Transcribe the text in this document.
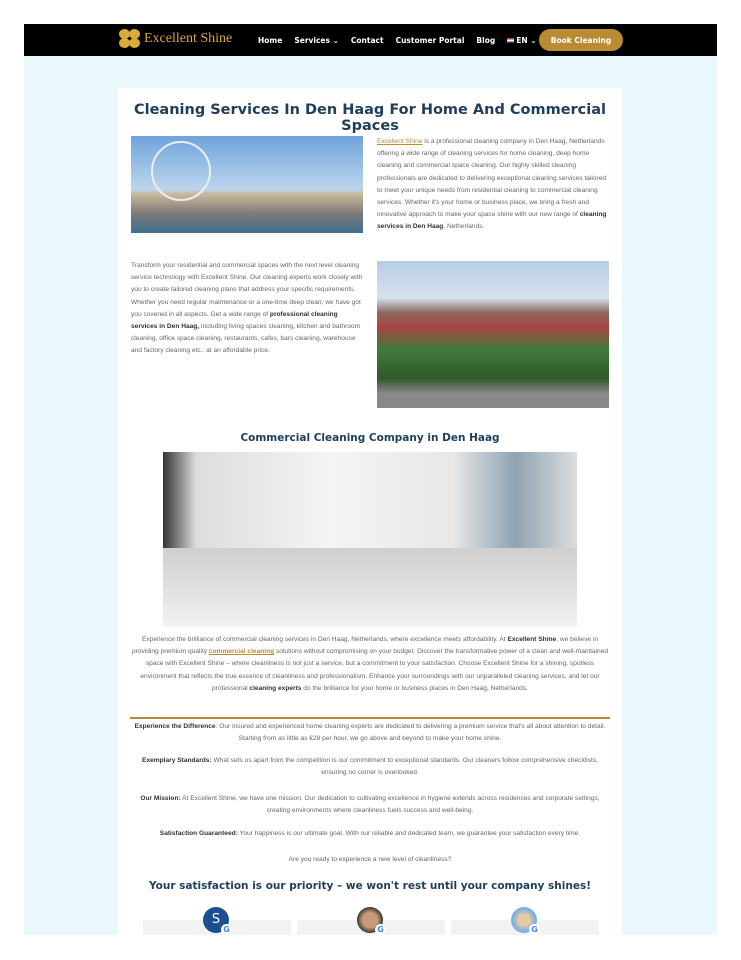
Excellent Shine	Home Services ⌄ Contact Customer Portal Blog	EN ⌄	Book Cleaning
Cleaning Services In Den Haag For Home And Commercial Spaces

Excellent Shine is a professional cleaning company in Den Haag, Netherlands offering a wide range of cleaning services for home cleaning, deep home cleaning and commercial space cleaning. Our highly skilled cleaning professionals are dedicated to delivering exceptional cleaning services tailored to meet your unique needs from residential cleaning to commercial cleaning services. Whether it's your home or business place, we bring a fresh and innovative approach to make your space shine with our new range of cleaning services in Den Haag, Netherlands.

Transform your residential and commercial spaces with the next level cleaning service technology with Excellent Shine. Our cleaning experts work closely with you to create tailored cleaning plans that address your specific requirements. Whether you need regular maintenance or a one-time deep clean, we have got you covered in all aspects. Get a wide range of professional cleaning services in Den Haag, including living spaces cleaning, kitchen and bathroom cleaning, office space cleaning, restaurants, cafes, bars cleaning, warehouse and factory cleaning etc.. at an affordable price.

Commercial Cleaning Company in Den Haag

Experience the brilliance of commercial cleaning services in Den Haag, Netherlands, where excellence meets affordability. At Excellent Shine, we believe in providing premium quality commercial cleaning solutions without compromising on your budget. Discover the transformative power of a clean and well-maintained space with Excellent Shine – where cleanliness is not just a service, but a commitment to your satisfaction. Choose Excellent Shine for a shining, spotless environment that reflects the true essence of cleanliness and professionalism. Enhance your surroundings with our unparalleled cleaning services, and let our professional cleaning experts do the brilliance for your home or business places in Den Haag, Netherlands.

Experience the Difference: Our insured and experienced home cleaning experts are dedicated to delivering a premium service that's all about attention to detail. Starting from as little as €28 per hour, we go above and beyond to make your home shine.

Exemplary Standards: What sets us apart from the competition is our commitment to exceptional standards. Our cleaners follow comprehensive checklists, ensuring no corner is overlooked.

Our Mission: At Excellent Shine, we have one mission: Our dedication to cultivating excellence in hygiene extends across residences and corporate settings, creating environments where cleanliness fuels success and well-being.

Satisfaction Guaranteed: Your happiness is our ultimate goal. With our reliable and dedicated team, we guarantee your satisfaction every time.

Are you ready to experience a new level of cleanliness?

Your satisfaction is our priority – we won't rest until your company shines!
S
G	G	G
